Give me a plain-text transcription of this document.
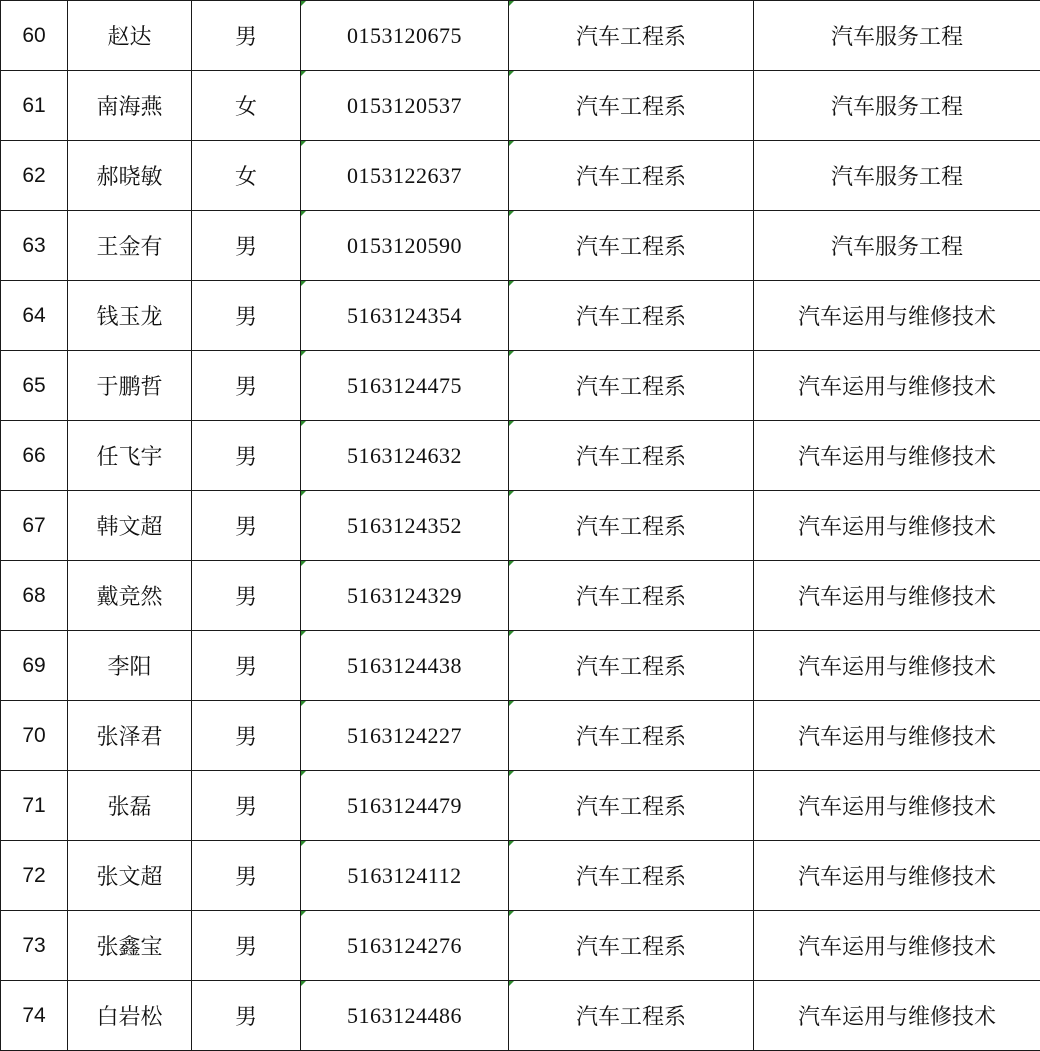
60	赵达	男	0153120675	汽车工程系	汽车服务工程
61	南海燕	女	0153120537	汽车工程系	汽车服务工程
62	郝晓敏	女	0153122637	汽车工程系	汽车服务工程
63	王金有	男	0153120590	汽车工程系	汽车服务工程
64	钱玉龙	男	5163124354	汽车工程系	汽车运用与维修技术
65	于鹏哲	男	5163124475	汽车工程系	汽车运用与维修技术
66	任飞宇	男	5163124632	汽车工程系	汽车运用与维修技术
67	韩文超	男	5163124352	汽车工程系	汽车运用与维修技术
68	戴竞然	男	5163124329	汽车工程系	汽车运用与维修技术
69	李阳	男	5163124438	汽车工程系	汽车运用与维修技术
70	张泽君	男	5163124227	汽车工程系	汽车运用与维修技术
71	张磊	男	5163124479	汽车工程系	汽车运用与维修技术
72	张文超	男	5163124112	汽车工程系	汽车运用与维修技术
73	张鑫宝	男	5163124276	汽车工程系	汽车运用与维修技术
74	白岩松	男	5163124486	汽车工程系	汽车运用与维修技术
